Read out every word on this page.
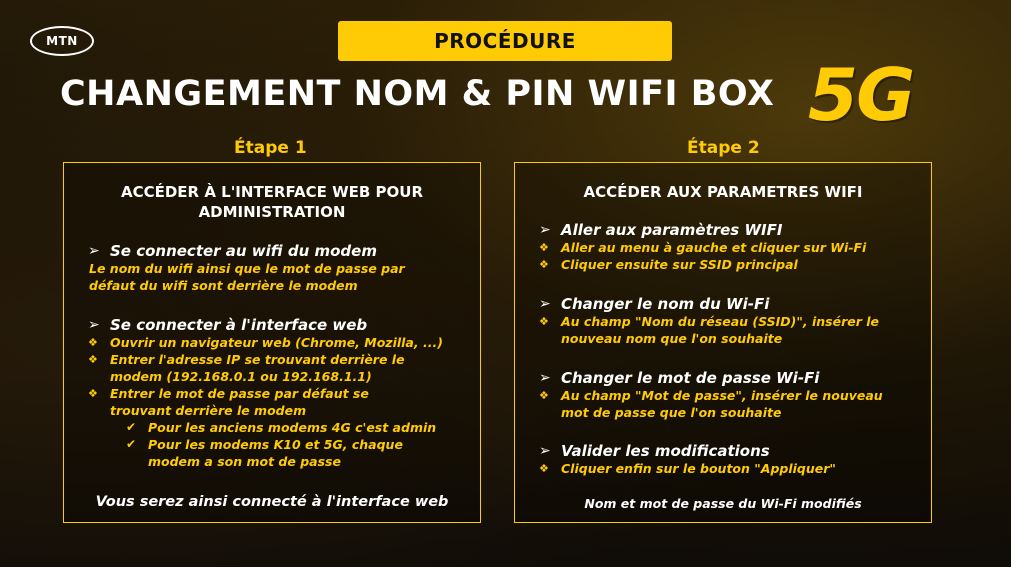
MTN	PROCÉDURE
CHANGEMENT NOM & PIN WIFI BOX 5G
Étape 1
ACCÉDER À L'INTERFACE WEB POUR ADMINISTRATION
➢ Se connecter au wifi du modem
Le nom du wifi ainsi que le mot de passe par défaut du wifi sont derrière le modem
➢ Se connecter à l'interface web
❖ Ouvrir un navigateur web (Chrome, Mozilla, ...)
❖ Entrer l'adresse IP se trouvant derrière le modem (192.168.0.1 ou 192.168.1.1)
❖ Entrer le mot de passe par défaut se trouvant derrière le modem
✔ Pour les anciens modems 4G c'est admin
✔ Pour les modems K10 et 5G, chaque modem a son mot de passe
Vous serez ainsi connecté à l'interface web
Étape 2
ACCÉDER AUX PARAMETRES WIFI
➢ Aller aux paramètres WIFI
❖ Aller au menu à gauche et cliquer sur Wi-Fi
❖ Cliquer ensuite sur SSID principal
➢ Changer le nom du Wi-Fi
❖ Au champ "Nom du réseau (SSID)", insérer le nouveau nom que l'on souhaite
➢ Changer le mot de passe Wi-Fi
❖ Au champ "Mot de passe", insérer le nouveau mot de passe que l'on souhaite
➢ Valider les modifications
❖ Cliquer enfin sur le bouton "Appliquer"
Nom et mot de passe du Wi-Fi modifiés
